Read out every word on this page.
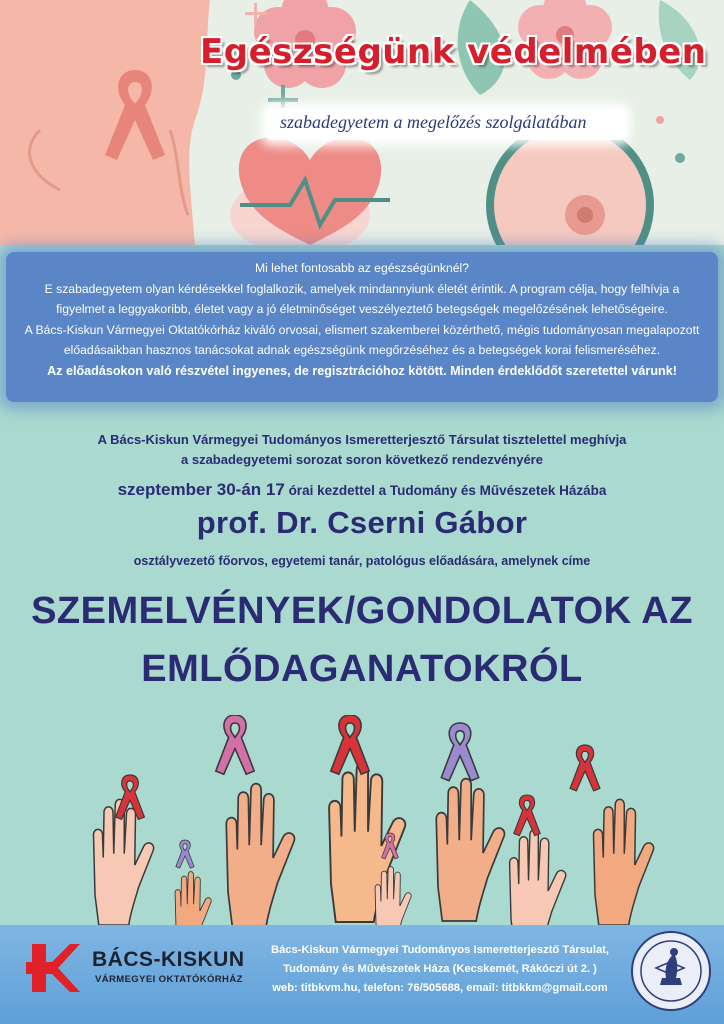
Egészségünk védelmében
szabadegyetem a megelőzés szolgálatában
Mi lehet fontosabb az egészségünknél?
E szabadegyetem olyan kérdésekkel foglalkozik, amelyek mindannyiunk életét érintik. A program célja, hogy felhívja a
figyelmet a leggyakoribb, életet vagy a jó életminőséget veszélyeztető betegségek megelőzésének lehetőségeire.
A Bács-Kiskun Vármegyei Oktatókórház kiváló orvosai, elismert szakemberei közérthető, mégis tudományosan megalapozott
előadásaikban hasznos tanácsokat adnak egészségünk megőrzéséhez és a betegségek korai felismeréséhez.
Az előadásokon való részvétel ingyenes, de regisztrációhoz kötött. Minden érdeklődőt szeretettel várunk!
A Bács-Kiskun Vármegyei Tudományos Ismeretterjesztő Társulat tisztelettel meghívja
a szabadegyetemi sorozat soron következő rendezvényére
szeptember 30-án 17 órai kezdettel a Tudomány és Művészetek Házába
prof. Dr. Cserni Gábor
osztályvezető főorvos, egyetemi tanár, patológus előadására, amelynek címe
SZEMELVÉNYEK/GONDOLATOK AZ
EMLŐDAGANATOKRÓL
BÁCS-KISKUN
VÁRMEGYEI OKTATÓKÓRHÁZ
Bács-Kiskun Vármegyei Tudományos Ismeretterjesztő Társulat,
Tudomány és Művészetek Háza (Kecskemét, Rákóczi út 2. )
web: titbkvm.hu, telefon: 76/505688, email: titbkkm@gmail.com
